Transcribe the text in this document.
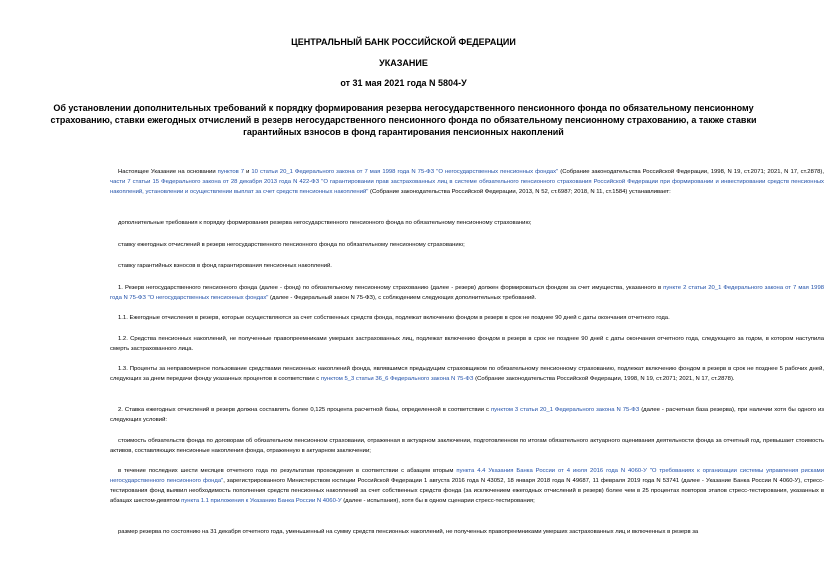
ЦЕНТРАЛЬНЫЙ БАНК РОССИЙСКОЙ ФЕДЕРАЦИИ
УКАЗАНИЕ
от 31 мая 2021 года N 5804-У
Об установлении дополнительных требований к порядку формирования резерва негосударственного пенсионного фонда по обязательному пенсионному страхованию, ставки ежегодных отчислений в резерв негосударственного пенсионного фонда по обязательному пенсионному страхованию, а также ставки гарантийных взносов в фонд гарантирования пенсионных накоплений

Настоящее Указание на основании пунктов 7 и 10 статьи 20_1 Федерального закона от 7 мая 1998 года N 75-ФЗ "О негосударственных пенсионных фондах" (Собрание законодательства Российской Федерации, 1998, N 19, ст.2071; 2021, N 17, ст.2878), части 7 статьи 15 Федерального закона от 28 декабря 2013 года N 422-ФЗ "О гарантировании прав застрахованных лиц в системе обязательного пенсионного страхования Российской Федерации при формировании и инвестировании средств пенсионных накоплений, установлении и осуществлении выплат за счет средств пенсионных накоплений" (Собрание законодательства Российской Федерации, 2013, N 52, ст.6987; 2018, N 11, ст.1584) устанавливает:

дополнительные требования к порядку формирования резерва негосударственного пенсионного фонда по обязательному пенсионному страхованию;

ставку ежегодных отчислений в резерв негосударственного пенсионного фонда по обязательному пенсионному страхованию;

ставку гарантийных взносов в фонд гарантирования пенсионных накоплений.

1. Резерв негосударственного пенсионного фонда (далее - фонд) по обязательному пенсионному страхованию (далее - резерв) должен формироваться фондом за счет имущества, указанного в пункте 2 статьи 20_1 Федерального закона от 7 мая 1998 года N 75-ФЗ "О негосударственных пенсионных фондах" (далее - Федеральный закон N 75-ФЗ), с соблюдением следующих дополнительных требований.

1.1. Ежегодные отчисления в резерв, которые осуществляются за счет собственных средств фонда, подлежат включению фондом в резерв в срок не позднее 90 дней с даты окончания отчетного года.

1.2. Средства пенсионных накоплений, не полученные правопреемниками умерших застрахованных лиц, подлежат включению фондом в резерв в срок не позднее 90 дней с даты окончания отчетного года, следующего за годом, в котором наступила смерть застрахованного лица.

1.3. Проценты за неправомерное пользование средствами пенсионных накоплений фонда, являвшимся предыдущим страховщиком по обязательному пенсионному страхованию, подлежат включению фондом в резерв в срок не позднее 5 рабочих дней, следующих за днем передачи фонду указанных процентов в соответствии с пунктом 5_3 статьи 36_6 Федерального закона N 75-ФЗ (Собрание законодательства Российской Федерации, 1998, N 19, ст.2071; 2021, N 17, ст.2878).

2. Ставка ежегодных отчислений в резерв должна составлять более 0,125 процента расчетной базы, определенной в соответствии с пунктом 3 статьи 20_1 Федерального закона N 75-ФЗ (далее - расчетная база резерва), при наличии хотя бы одного из следующих условий:

стоимость обязательств фонда по договорам об обязательном пенсионном страховании, отраженная в актуарном заключении, подготовленном по итогам обязательного актуарного оценивания деятельности фонда за отчетный год, превышает стоимость активов, составляющих пенсионные накопления фонда, отраженную в актуарном заключении;

в течение последних шести месяцев отчетного года по результатам прохождения в соответствии с абзацем вторым пункта 4.4 Указания Банка России от 4 июля 2016 года N 4060-У "О требованиях к организации системы управления рисками негосударственного пенсионного фонда", зарегистрированного Министерством юстиции Российской Федерации 1 августа 2016 года N 43052, 18 января 2018 года N 49687, 11 февраля 2019 года N 53741 (далее - Указание Банка России N 4060-У), стресс-тестирования фонд выявил необходимость пополнения средств пенсионных накоплений за счет собственных средств фонда (за исключением ежегодных отчислений в резерв) более чем в 25 процентах повторов этапов стресс-тестирования, указанных в абзацах шестом-девятом пункта 1.1 приложения к Указанию Банка России N 4060-У (далее - испытания), хотя бы в одном сценарии стресс-тестирования;

размер резерва по состоянию на 31 декабря отчетного года, уменьшенный на сумму средств пенсионных накоплений, не полученных правопреемниками умерших застрахованных лиц и включенных в резерв за
